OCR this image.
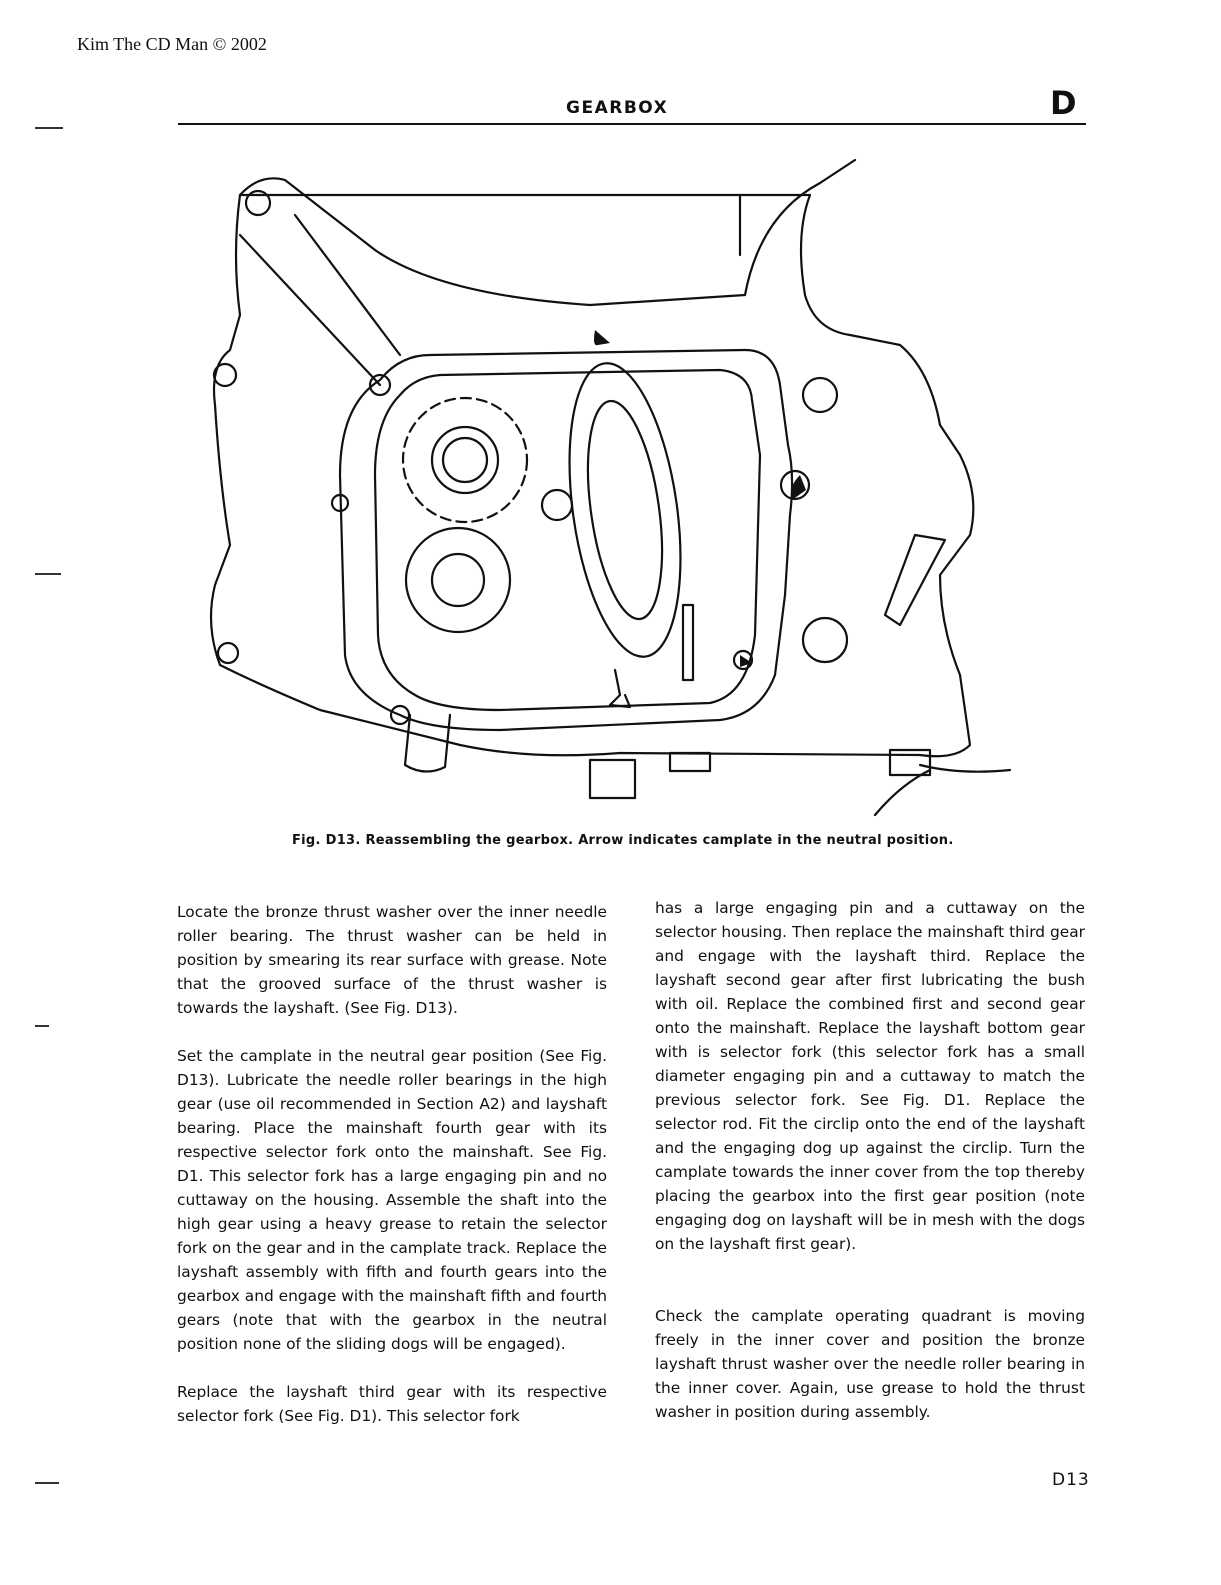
Kim The CD Man © 2002
GEARBOX	D
Fig. D13. Reassembling the gearbox. Arrow indicates camplate in the neutral position.

Locate the bronze thrust washer over the inner needle roller bearing. The thrust washer can be held in position by smearing its rear surface with grease. Note that the grooved surface of the thrust washer is towards the layshaft. (See Fig. D13).

Set the camplate in the neutral gear position (See Fig. D13). Lubricate the needle roller bearings in the high gear (use oil recommended in Section A2) and layshaft bearing. Place the mainshaft fourth gear with its respective selector fork onto the mainshaft. See Fig. D1. This selector fork has a large engaging pin and no cuttaway on the housing. Assemble the shaft into the high gear using a heavy grease to retain the selector fork on the gear and in the camplate track. Replace the layshaft assembly with fifth and fourth gears into the gearbox and engage with the mainshaft fifth and fourth gears (note that with the gearbox in the neutral position none of the sliding dogs will be engaged).

Replace the layshaft third gear with its respective selector fork (See Fig. D1). This selector fork

has a large engaging pin and a cuttaway on the selector housing. Then replace the mainshaft third gear and engage with the layshaft third. Replace the layshaft second gear after first lubricating the bush with oil. Replace the combined first and second gear onto the mainshaft. Replace the layshaft bottom gear with is selector fork (this selector fork has a small diameter engaging pin and a cuttaway to match the previous selector fork. See Fig. D1. Replace the selector rod. Fit the circlip onto the end of the layshaft and the engaging dog up against the circlip. Turn the camplate towards the inner cover from the top thereby placing the gearbox into the first gear position (note engaging dog on layshaft will be in mesh with the dogs on the layshaft first gear).

Check the camplate operating quadrant is moving freely in the inner cover and position the bronze layshaft thrust washer over the needle roller bearing in the inner cover. Again, use grease to hold the thrust washer in position during assembly.

D13
